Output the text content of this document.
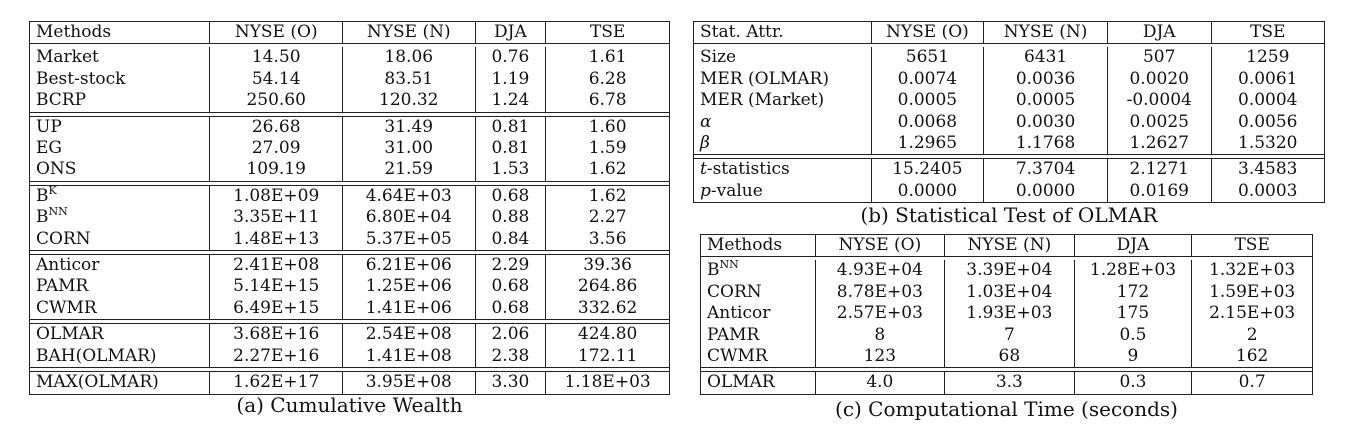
Methods	NYSE (O)	NYSE (N)	DJA	TSE

Market	14.50	18.06	0.76	1.61
Best-stock	54.14	83.51	1.19	6.28
BCRP	250.60	120.32	1.24	6.78

UP	26.68	31.49	0.81	1.60
EG	27.09	31.00	0.81	1.59
ONS	109.19	21.59	1.53	1.62

$B^K$	1.08E+09	4.64E+03	0.68	1.62
$B^{NN}$	3.35E+11	6.80E+04	0.88	2.27
CORN	1.48E+13	5.37E+05	0.84	3.56

Anticor	2.41E+08	6.21E+06	2.29	39.36
PAMR	5.14E+15	1.25E+06	0.68	264.86
CWMR	6.49E+15	1.41E+06	0.68	332.62

OLMAR	3.68E+16	2.54E+08	2.06	424.80
BAH(OLMAR)	2.27E+16	1.41E+08	2.38	172.11

MAX(OLMAR)	1.62E+17	3.95E+08	3.30	1.18E+03
(a) Cumulative Wealth
Stat. Attr.	NYSE (O)	NYSE (N)	DJA	TSE

Size	5651	6431	507	1259
MER (OLMAR)	0.0074	0.0036	0.0020	0.0061
MER (Market)	0.0005	0.0005	-0.0004	0.0004
α	0.0068	0.0030	0.0025	0.0056
β	1.2965	1.1768	1.2627	1.5320

t-statistics	15.2405	7.3704	2.1271	3.4583
p-value	0.0000	0.0000	0.0169	0.0003
(b) Statistical Test of OLMAR
Methods	NYSE (O)	NYSE (N)	DJA	TSE

$B^{NN}$	4.93E+04	3.39E+04	1.28E+03	1.32E+03
CORN	8.78E+03	1.03E+04	172	1.59E+03
Anticor	2.57E+03	1.93E+03	175	2.15E+03
PAMR	8	7	0.5	2
CWMR	123	68	9	162

OLMAR	4.0	3.3	0.3	0.7
(c) Computational Time (seconds)
